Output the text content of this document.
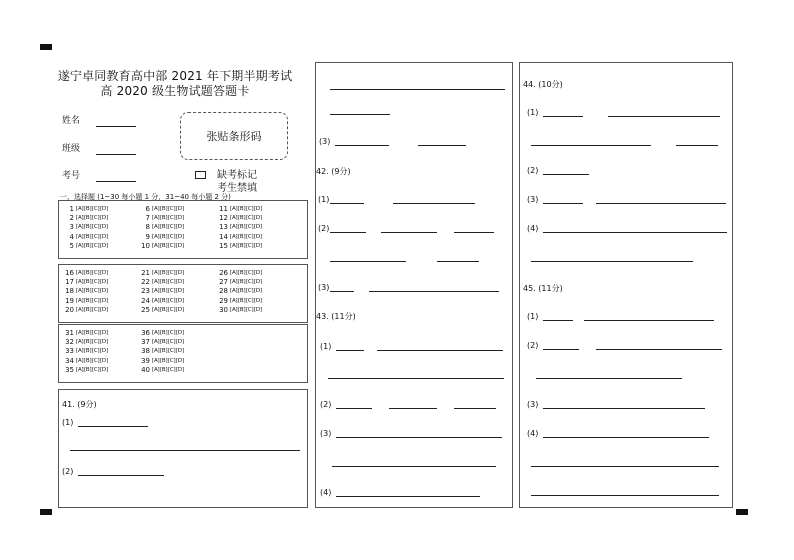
遂宁卓同教育高中部 2021 年下期半期考试
高 2020 级生物试题答题卡
姓名
班级
考号
张贴条形码
缺考标记
考生禁填
一、选择题 (1~30 每小题 1 分，31~40 每小题 2 分)
1 [A] [B] [C] [D]
2 [A] [B] [C] [D]
3 [A] [B] [C] [D]
4 [A] [B] [C] [D]
5 [A] [B] [C] [D]
6 [A] [B] [C] [D]
7 [A] [B] [C] [D]
8 [A] [B] [C] [D]
9 [A] [B] [C] [D]
10 [A] [B] [C] [D]
11 [A] [B] [C] [D]
12 [A] [B] [C] [D]
13 [A] [B] [C] [D]
14 [A] [B] [C] [D]
15 [A] [B] [C] [D]
16 [A] [B] [C] [D]
17 [A] [B] [C] [D]
18 [A] [B] [C] [D]
19 [A] [B] [C] [D]
20 [A] [B] [C] [D]
21 [A] [B] [C] [D]
22 [A] [B] [C] [D]
23 [A] [B] [C] [D]
24 [A] [B] [C] [D]
25 [A] [B] [C] [D]
26 [A] [B] [C] [D]
27 [A] [B] [C] [D]
28 [A] [B] [C] [D]
29 [A] [B] [C] [D]
30 [A] [B] [C] [D]
31 [A] [B] [C] [D]
32 [A] [B] [C] [D]
33 [A] [B] [C] [D]
34 [A] [B] [C] [D]
35 [A] [B] [C] [D]
36 [A] [B] [C] [D]
37 [A] [B] [C] [D]
38 [A] [B] [C] [D]
39 [A] [B] [C] [D]
40 [A] [B] [C] [D]
41. (9分)
(1)
(2)
(3)
42. (9分)
(1)
(2)
(3)
43. (11分)
(1)
(2)
(3)
(4)
44. (10分)
(1)
(2)
(3)
(4)
45. (11分)
(1)
(2)
(3)
(4)
